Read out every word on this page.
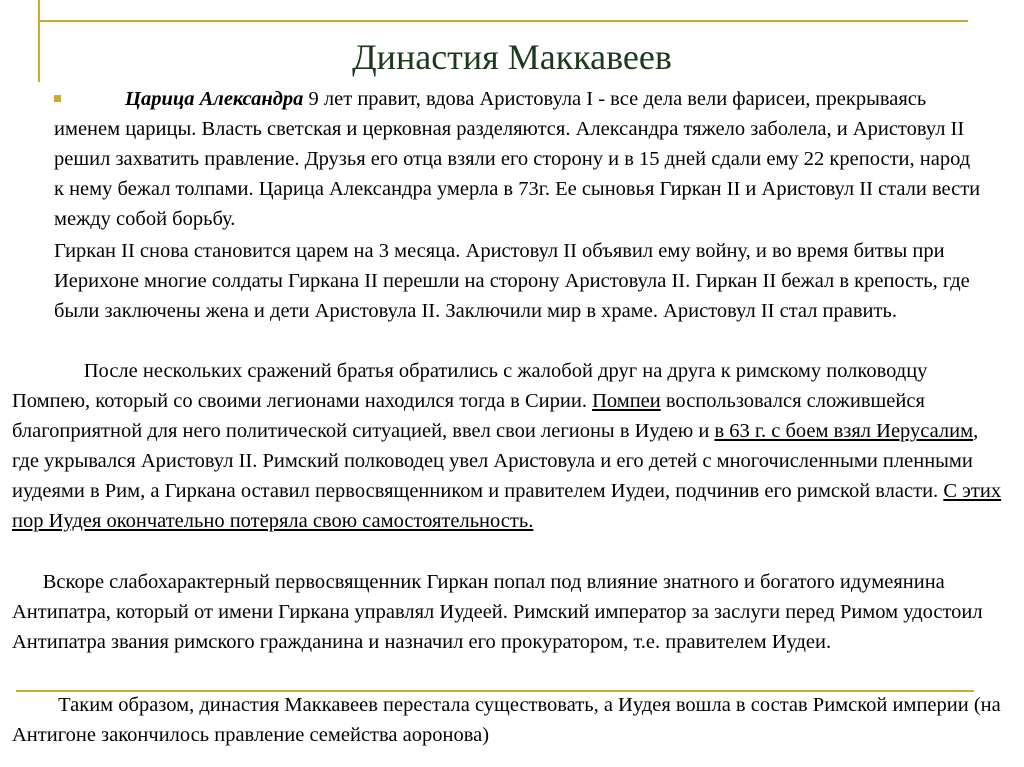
Династия Маккавеев
Царица Александра 9 лет правит, вдова Аристовула I - все дела вели фарисеи, прекрываясь именем царицы. Власть светская и церковная разделяются. Александра тяжело заболела, и Аристовул II решил захватить правление. Друзья его отца взяли его сторону и в 15 дней сдали ему 22 крепости, народ к нему бежал толпами. Царица Александра умерла в 73г. Ее сыновья Гиркан II и Аристовул II стали вести между собой борьбу.
Гиркан II снова становится царем на 3 месяца. Аристовул II объявил ему войну, и во время битвы при Иерихоне многие солдаты Гиркана II перешли на сторону Аристовула II. Гиркан II бежал в крепость, где были заключены жена и дети Аристовула II. Заключили мир в храме. Аристовул II стал править.
После нескольких сражений братья обратились с жалобой друг на друга к римскому полководцу Помпею, который со своими легионами находился тогда в Сирии. Помпеи воспользовался сложившейся благоприятной для него политической ситуацией, ввел свои легионы в Иудею и в 63 г. с боем взял Иерусалим, где укрывался Аристовул II. Римский полководец увел Аристовула и его детей с многочисленными пленными иудеями в Рим, а Гиркана оставил первосвященником и правителем Иудеи, подчинив его римской власти. С этих пор Иудея окончательно потеряла свою самостоятельность.
Вскоре слабохарактерный первосвященник Гиркан попал под влияние знатного и богатого идумеянина Антипатра, который от имени Гиркана управлял Иудеей. Римский император за заслуги перед Римом удостоил Антипатра звания римского гражданина и назначил его прокуратором, т.е. правителем Иудеи.
Таким образом, династия Маккавеев перестала существовать, а Иудея вошла в состав Римской империи (на Антигоне закончилось правление семейства аоронова)
